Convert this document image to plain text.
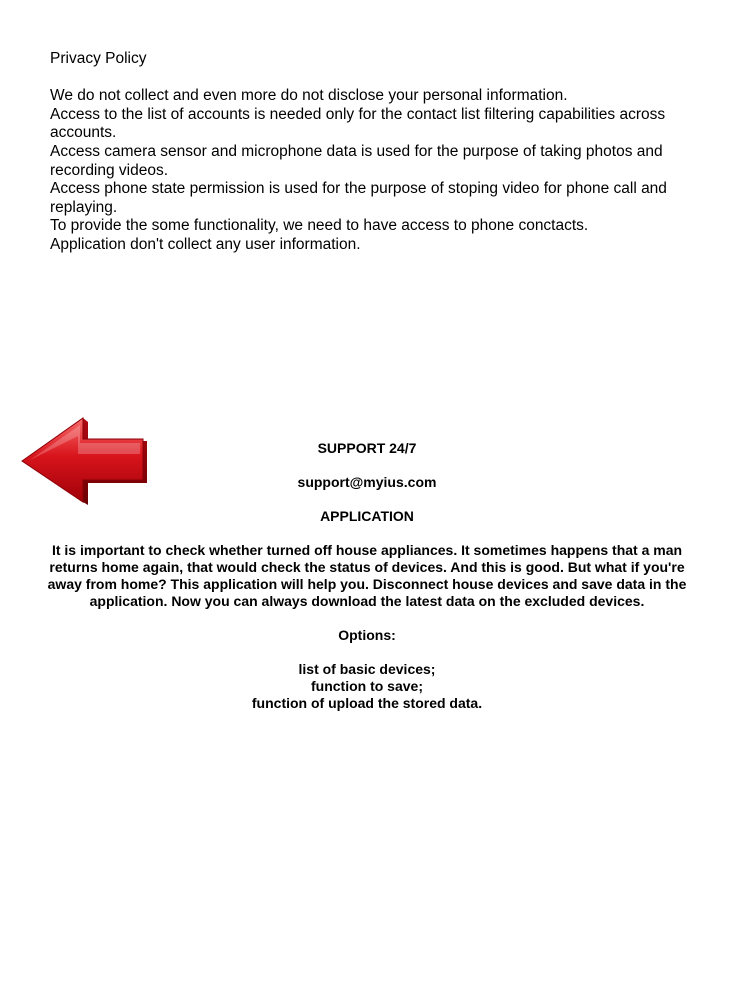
Privacy Policy

We do not collect and even more do not disclose your personal information.

Access to the list of accounts is needed only for the contact list filtering capabilities across accounts.

Access camera sensor and microphone data is used for the purpose of taking photos and recording videos.

Access phone state permission is used for the purpose of stoping video for phone call and replaying.

To provide the some functionality, we need to have access to phone conctacts.

Application don't collect any user information.

SUPPORT 24/7

support@myius.com

APPLICATION

It is important to check whether turned off house appliances. It sometimes happens that a man returns home again, that would check the status of devices. And this is good. But what if you're away from home? This application will help you. Disconnect house devices and save data in the application. Now you can always download the latest data on the excluded devices.

Options:

list of basic devices;
function to save;
function of upload the stored data.
